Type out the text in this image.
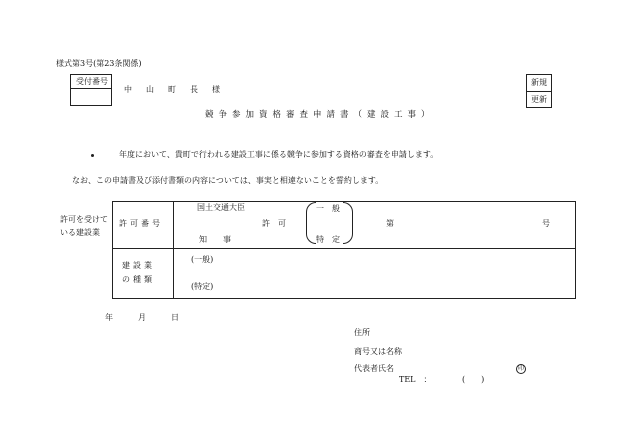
様式第3号(第23条関係)
受付番号
中　山　町　長　様
新規
更新
競争参加資格審査申請書（建設工事）
年度において、貴町で行われる建設工事に係る競争に参加する資格の審査を申請します。
なお、この申請書及び添付書類の内容については、事実と相違ないことを誓約します。
許可を受けて
いる建設業
許可番号
国土交通大臣
知　　事
許　可
一　般
特　定
第	号
建設業
の種類
(一般)
(特定)
年	月	日
住所
商号又は名称
代表者氏名	印
TEL　：	(　　)
